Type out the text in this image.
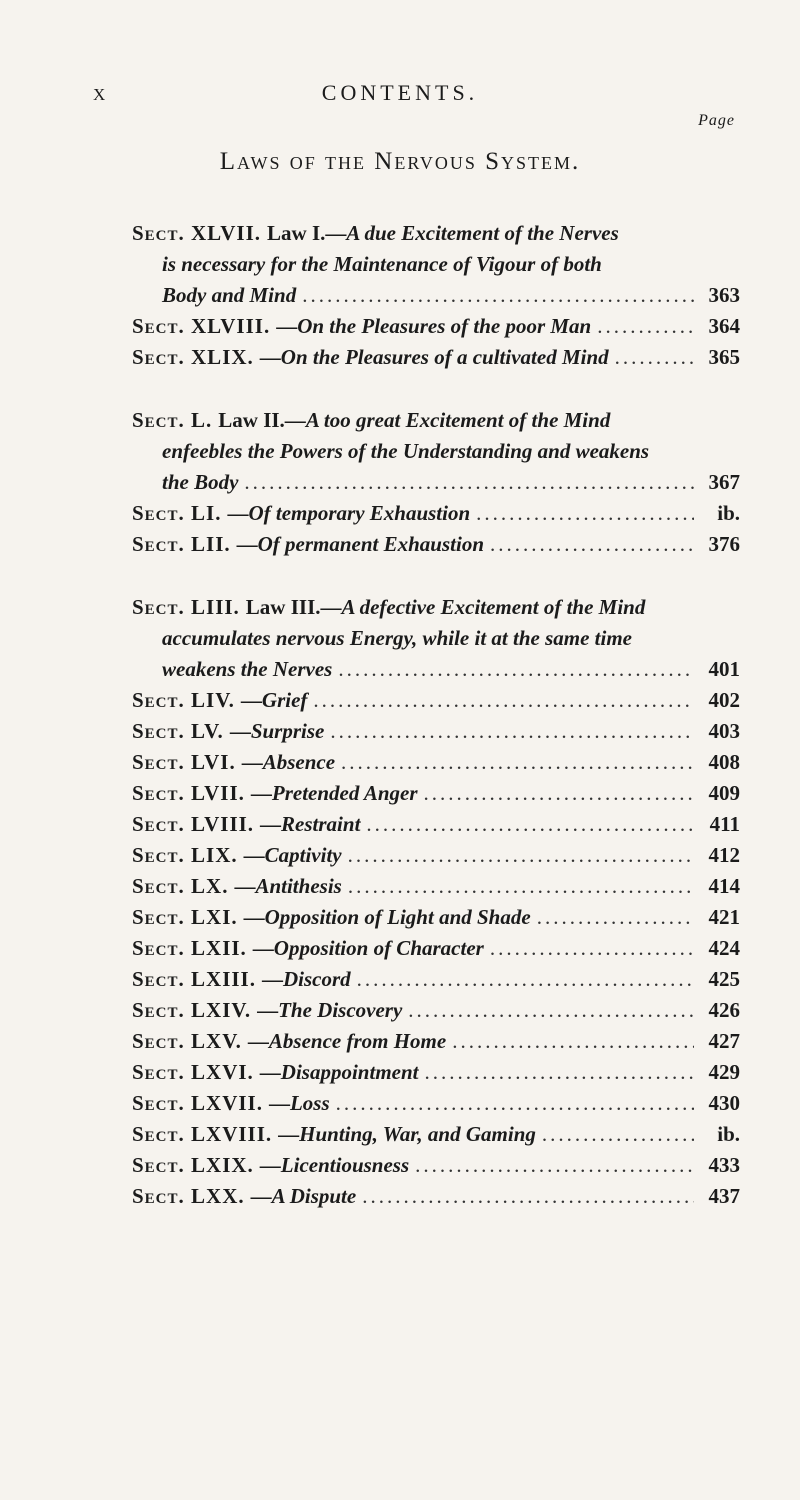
x	CONTENTS.
Page
Laws of the Nervous System.
Sect. XLVII. Law I.— A due Excitement of the Nerves
is necessary for the Maintenance of Vigour of both
Body and Mind .....	363
Sect. XLVIII. — On the Pleasures of the poor Man .....	364
Sect. XLIX. — On the Pleasures of a cultivated Mind .....	365
Sect. L. Law II.— A too great Excitement of the Mind
enfeebles the Powers of the Understanding and weakens
the Body .....	367
Sect. LI. — Of temporary Exhaustion .....	ib.
Sect. LII. — Of permanent Exhaustion .....	376
Sect. LIII. Law III.— A defective Excitement of the Mind
accumulates nervous Energy, while it at the same time
weakens the Nerves .....	401
Sect. LIV. — Grief .....	402
Sect. LV. — Surprise .....	403
Sect. LVI. — Absence .....	408
Sect. LVII. — Pretended Anger .....	409
Sect. LVIII. — Restraint .....	411
Sect. LIX. — Captivity .....	412
Sect. LX. — Antithesis .....	414
Sect. LXI. — Opposition of Light and Shade .....	421
Sect. LXII. — Opposition of Character .....	424
Sect. LXIII. — Discord .....	425
Sect. LXIV. — The Discovery .....	426
Sect. LXV. — Absence from Home .....	427
Sect. LXVI. — Disappointment .....	429
Sect. LXVII. — Loss .....	430
Sect. LXVIII. — Hunting, War, and Gaming .....	ib.
Sect. LXIX. — Licentiousness .....	433
Sect. LXX. — A Dispute .....	437
